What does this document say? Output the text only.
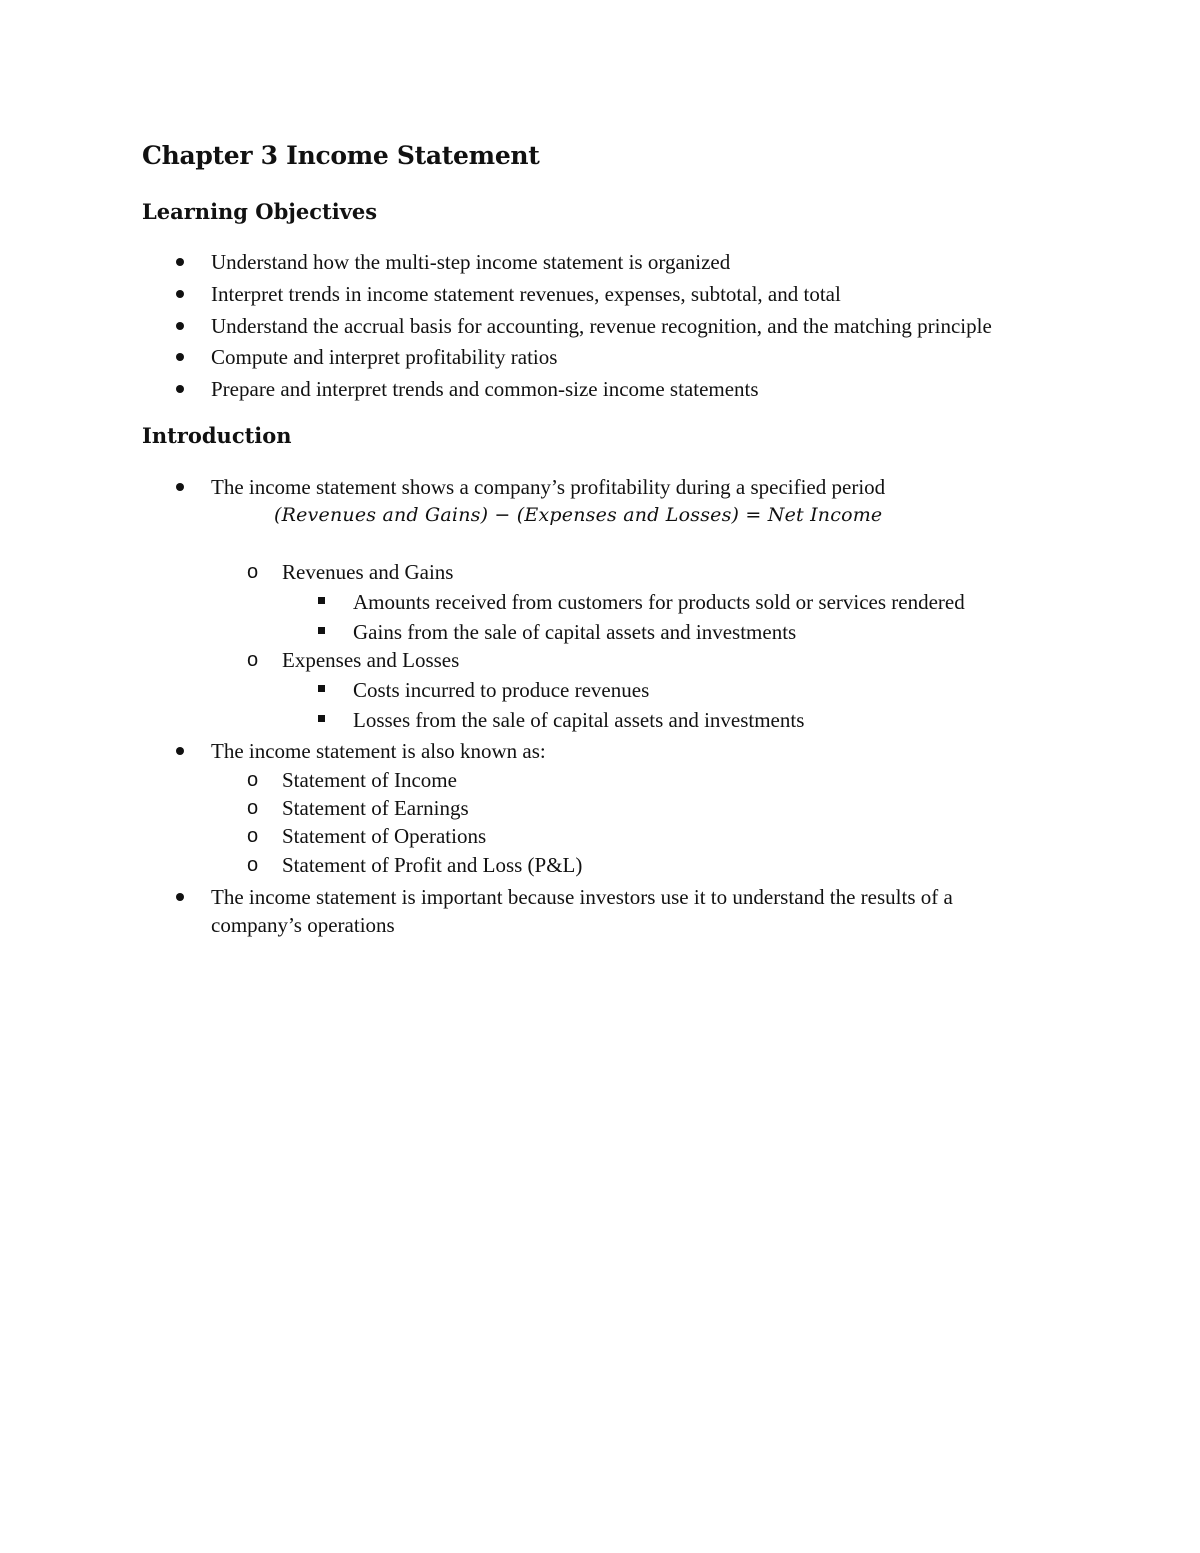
Chapter 3 Income Statement
Learning Objectives
Understand how the multi-step income statement is organized
Interpret trends in income statement revenues, expenses, subtotal, and total
Understand the accrual basis for accounting, revenue recognition, and the matching principle
Compute and interpret profitability ratios
Prepare and interpret trends and common-size income statements
Introduction
The income statement shows a company’s profitability during a specified period
(Revenues and Gains) − (Expenses and Losses) = Net Income
o Revenues and Gains
Amounts received from customers for products sold or services rendered
Gains from the sale of capital assets and investments
o Expenses and Losses
Costs incurred to produce revenues
Losses from the sale of capital assets and investments
The income statement is also known as:
o Statement of Income
o Statement of Earnings
o Statement of Operations
o Statement of Profit and Loss (P&L)
The income statement is important because investors use it to understand the results of a
company’s operations
